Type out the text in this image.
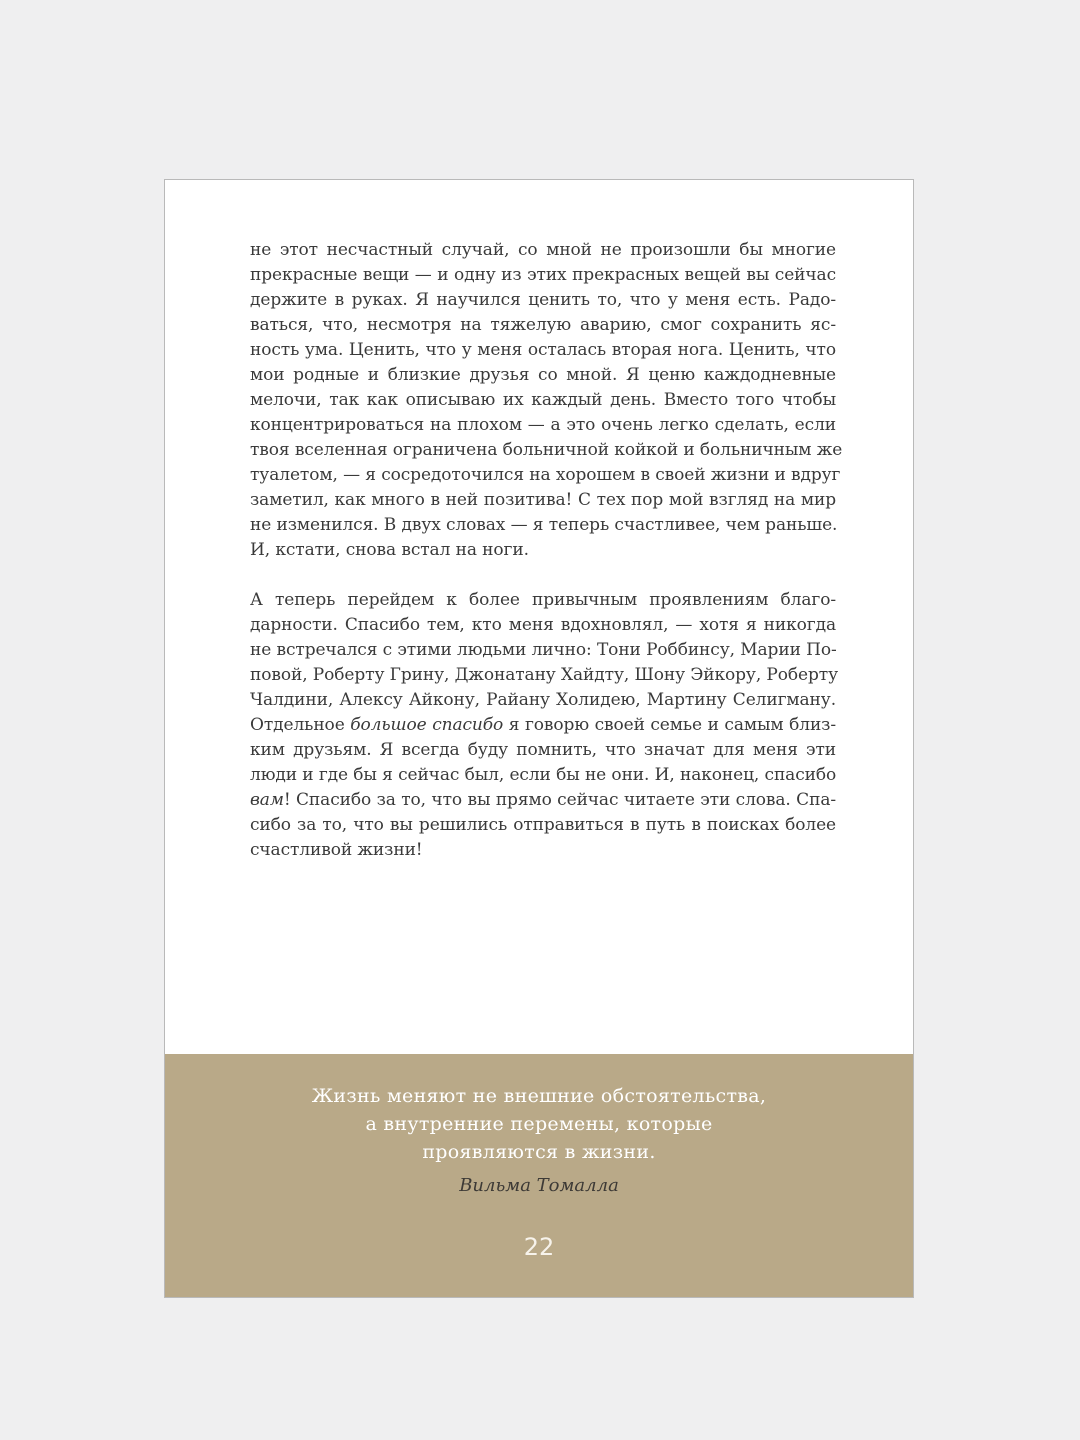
не этот несчастный случай, со мной не произошли бы многие
прекрасные вещи — и одну из этих прекрасных вещей вы сейчас
держите в руках. Я научился ценить то, что у меня есть. Радо-
ваться, что, несмотря на тяжелую аварию, смог сохранить яс-
ность ума. Ценить, что у меня осталась вторая нога. Ценить, что
мои родные и близкие друзья со мной. Я ценю каждодневные
мелочи, так как описываю их каждый день. Вместо того чтобы
концентрироваться на плохом — а это очень легко сделать, если
твоя вселенная ограничена больничной койкой и больничным же
туалетом, — я сосредоточился на хорошем в своей жизни и вдруг
заметил, как много в ней позитива! С тех пор мой взгляд на мир
не изменился. В двух словах — я теперь счастливее, чем раньше.
И, кстати, снова встал на ноги.
А теперь перейдем к более привычным проявлениям благо-
дарности. Спасибо тем, кто меня вдохновлял, — хотя я никогда
не встречался с этими людьми лично: Тони Роббинсу, Марии По-
повой, Роберту Грину, Джонатану Хайдту, Шону Эйкору, Роберту
Чалдини, Алексу Айкону, Райану Холидею, Мартину Селигману.
Отдельное большое спасибо я говорю своей семье и самым близ-
ким друзьям. Я всегда буду помнить, что значат для меня эти
люди и где бы я сейчас был, если бы не они. И, наконец, спасибо
вам! Спасибо за то, что вы прямо сейчас читаете эти слова. Спа-
сибо за то, что вы решились отправиться в путь в поисках более
счастливой жизни!
Жизнь меняют не внешние обстоятельства,
а внутренние перемены, которые
проявляются в жизни.
Вильма Томалла
22
